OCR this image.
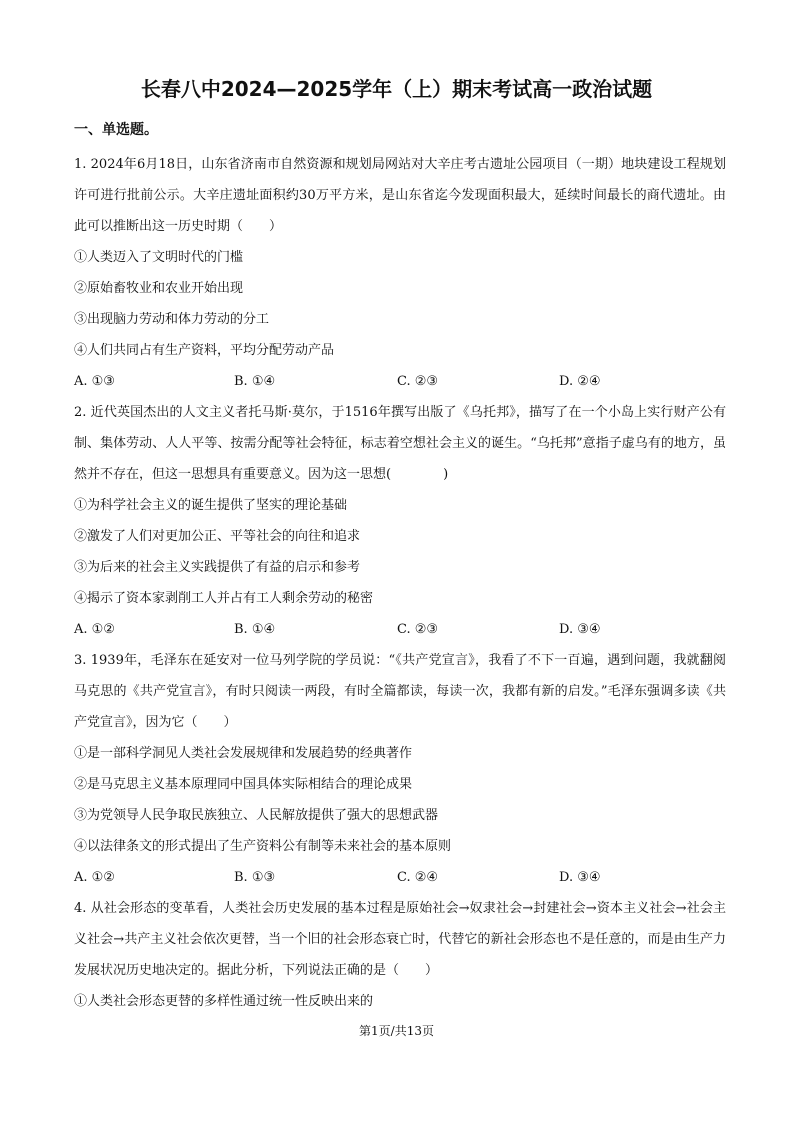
长春八中2024—2025学年（上）期末考试高一政治试题
一、单选题。

1. 2024年6月18日，山东省济南市自然资源和规划局网站对大辛庄考古遗址公园项目（一期）地块建设工程规划许可进行批前公示。大辛庄遗址面积约30万平方米，是山东省迄今发现面积最大，延续时间最长的商代遗址。由此可以推断出这一历史时期（　　）

①人类迈入了文明时代的门槛

②原始畜牧业和农业开始出现

③出现脑力劳动和体力劳动的分工

④人们共同占有生产资料，平均分配劳动产品

A. ①③	B. ①④	C. ②③	D. ②④

2. 近代英国杰出的人文主义者托马斯·莫尔，于1516年撰写出版了《乌托邦》，描写了在一个小岛上实行财产公有制、集体劳动、人人平等、按需分配等社会特征，标志着空想社会主义的诞生。“乌托邦”意指子虚乌有的地方，虽然并不存在，但这一思想具有重要意义。因为这一思想(　　　　)

①为科学社会主义的诞生提供了坚实的理论基础

②激发了人们对更加公正、平等社会的向往和追求

③为后来的社会主义实践提供了有益的启示和参考

④揭示了资本家剥削工人并占有工人剩余劳动的秘密

A. ①②	B. ①④	C. ②③	D. ③④

3. 1939年，毛泽东在延安对一位马列学院的学员说：“《共产党宣言》，我看了不下一百遍，遇到问题，我就翻阅马克思的《共产党宣言》，有时只阅读一两段，有时全篇都读，每读一次，我都有新的启发。”毛泽东强调多读《共产党宣言》，因为它（　　）

①是一部科学洞见人类社会发展规律和发展趋势的经典著作

②是马克思主义基本原理同中国具体实际相结合的理论成果

③为党领导人民争取民族独立、人民解放提供了强大的思想武器

④以法律条文的形式提出了生产资料公有制等未来社会的基本原则

A. ①②	B. ①③	C. ②④	D. ③④

4. 从社会形态的变革看，人类社会历史发展的基本过程是原始社会→奴隶社会→封建社会→资本主义社会→社会主义社会→共产主义社会依次更替，当一个旧的社会形态衰亡时，代替它的新社会形态也不是任意的，而是由生产力发展状况历史地决定的。据此分析，下列说法正确的是（　　）

①人类社会形态更替的多样性通过统一性反映出来的

第1页/共13页
